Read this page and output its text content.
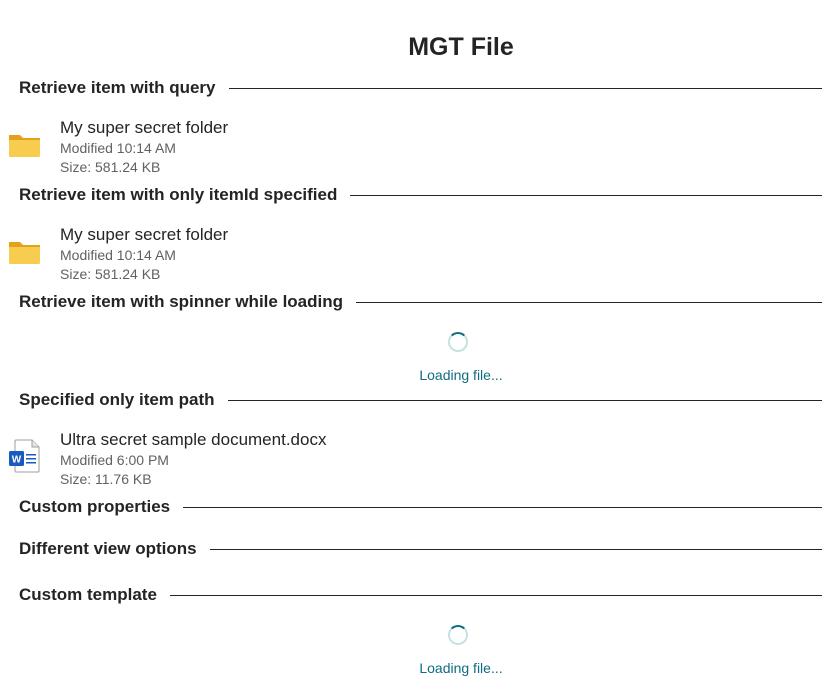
MGT File
Retrieve item with query
My super secret folder
Modified 10:14 AM
Size: 581.24 KB
Retrieve item with only itemId specified
My super secret folder
Modified 10:14 AM
Size: 581.24 KB
Retrieve item with spinner while loading
Loading file...
Specified only item path
W
Ultra secret sample document.docx
Modified 6:00 PM
Size: 11.76 KB
Custom properties
Different view options
Custom template
Loading file...
